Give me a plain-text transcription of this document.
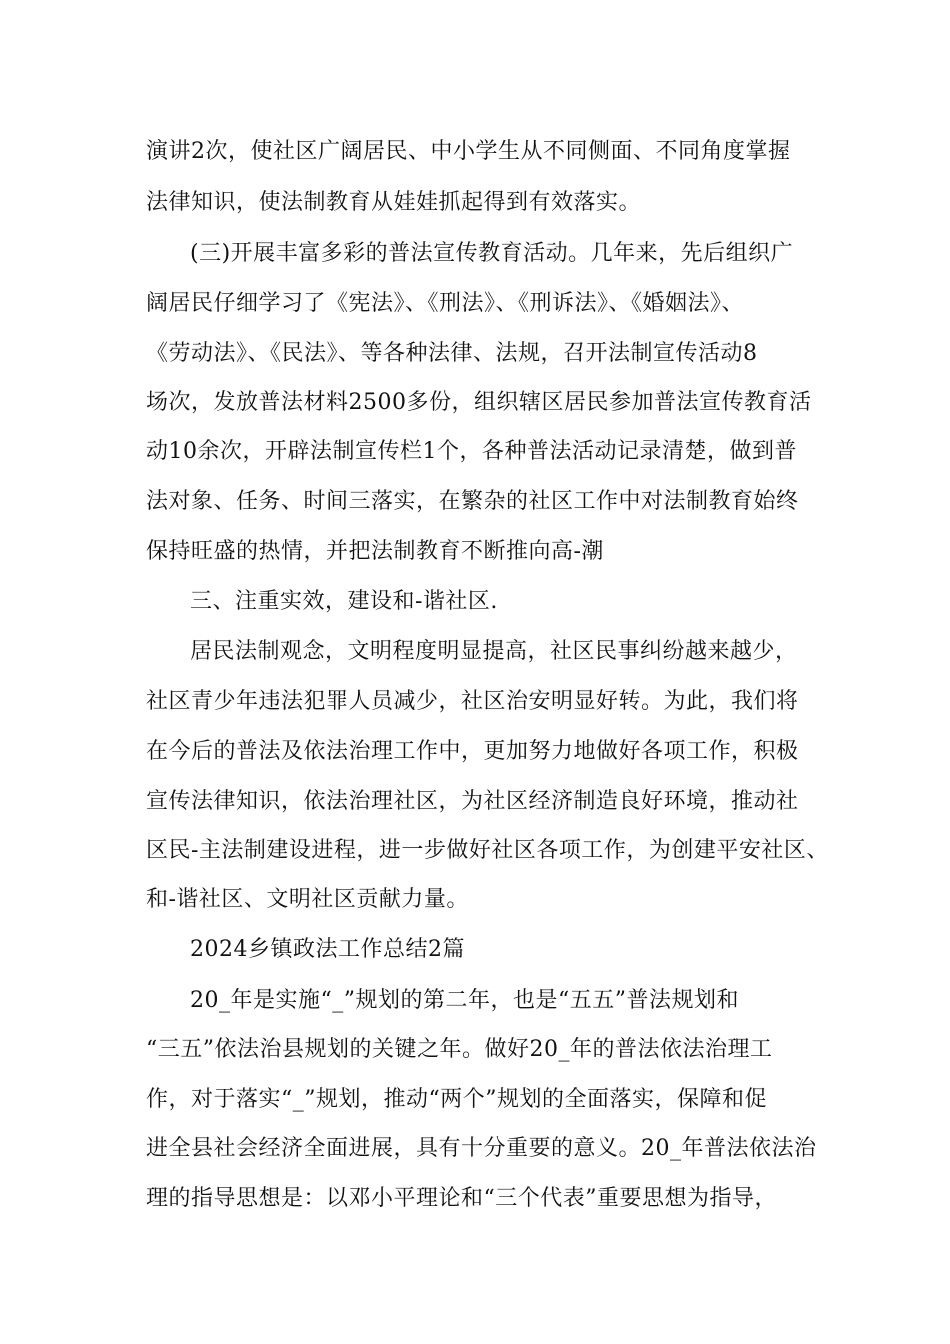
演讲2次，使社区广阔居民、中小学生从不同侧面、不同角度掌握
法律知识，使法制教育从娃娃抓起得到有效落实。
(三)开展丰富多彩的普法宣传教育活动。几年来，先后组织广
阔居民仔细学习了《宪法》、《刑法》、《刑诉法》、《婚姻法》、
《劳动法》、《民法》、等各种法律、法规，召开法制宣传活动8
场次，发放普法材料2500多份，组织辖区居民参加普法宣传教育活
动10余次，开辟法制宣传栏1个，各种普法活动记录清楚，做到普
法对象、任务、时间三落实，在繁杂的社区工作中对法制教育始终
保持旺盛的热情，并把法制教育不断推向高-潮
三、注重实效，建设和-谐社区.
居民法制观念，文明程度明显提高，社区民事纠纷越来越少，
社区青少年违法犯罪人员减少，社区治安明显好转。为此，我们将
在今后的普法及依法治理工作中，更加努力地做好各项工作，积极
宣传法律知识，依法治理社区，为社区经济制造良好环境，推动社
区民-主法制建设进程，进一步做好社区各项工作，为创建平安社区、
和-谐社区、文明社区贡献力量。
2024乡镇政法工作总结2篇
20_年是实施“_”规划的第二年，也是“五五”普法规划和
“三五”依法治县规划的关键之年。做好20_年的普法依法治理工
作，对于落实“_”规划，推动“两个”规划的全面落实，保障和促
进全县社会经济全面进展，具有十分重要的意义。20_年普法依法治
理的指导思想是：以邓小平理论和“三个代表”重要思想为指导，
